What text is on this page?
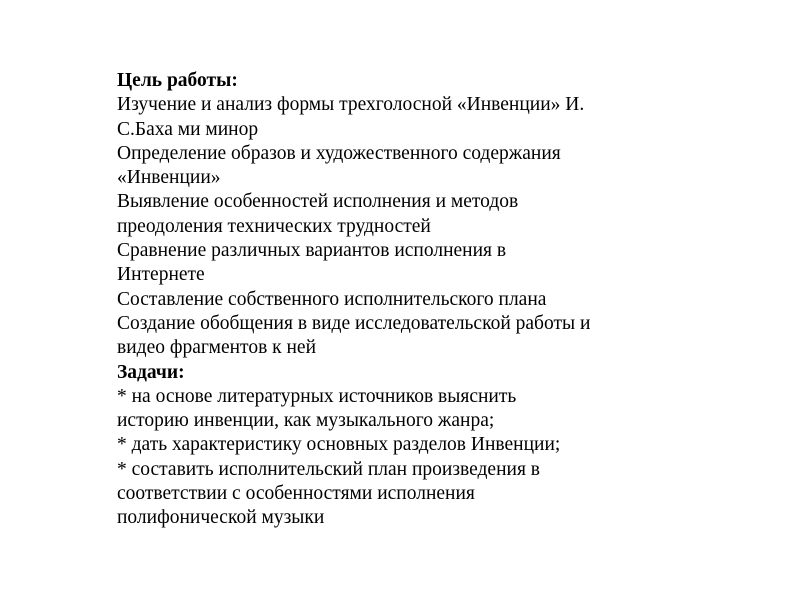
Цель работы:
Изучение и анализ формы трехголосной «Инвенции» И.
С.Баха ми минор
Определение образов и художественного содержания
«Инвенции»
Выявление особенностей исполнения и методов
преодоления технических трудностей
Сравнение различных вариантов исполнения в
Интернете
Составление собственного исполнительского плана
Создание обобщения в виде исследовательской работы и
видео фрагментов к ней
Задачи:
* на основе литературных источников выяснить
историю инвенции, как музыкального жанра;
* дать характеристику основных разделов Инвенции;
* составить исполнительский план произведения в
соответствии с особенностями исполнения
полифонической музыки
